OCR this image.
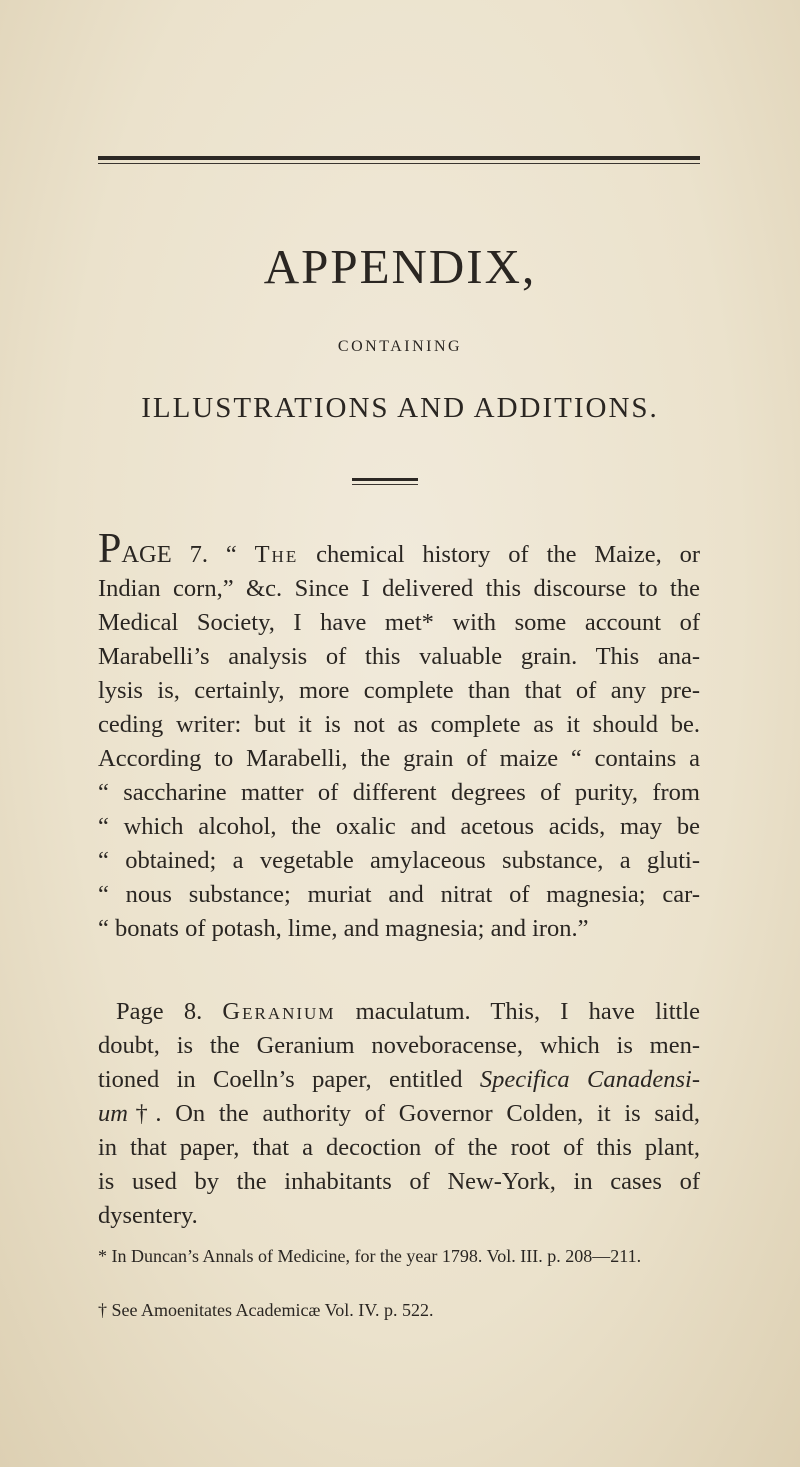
APPENDIX,
CONTAINING
ILLUSTRATIONS AND ADDITIONS.
PAGE 7. “ The chemical history of the Maize, or
Indian corn,” &c. Since I delivered this discourse to the
Medical Society, I have met* with some account of
Marabelli’s analysis of this valuable grain. This ana-
lysis is, certainly, more complete than that of any pre-
ceding writer: but it is not as complete as it should be.
According to Marabelli, the grain of maize “ contains a
“ saccharine matter of different degrees of purity, from
“ which alcohol, the oxalic and acetous acids, may be
“ obtained; a vegetable amylaceous substance, a gluti-
“ nous substance; muriat and nitrat of magnesia; car-
“ bonats of potash, lime, and magnesia; and iron.”
Page 8. Geranium maculatum. This, I have little
doubt, is the Geranium noveboracense, which is men-
tioned in Coelln’s paper, entitled Specifica Canadensi-
um†. On the authority of Governor Colden, it is said,
in that paper, that a decoction of the root of this plant,
is used by the inhabitants of New-York, in cases of
dysentery.
* In Duncan’s Annals of Medicine, for the year 1798. Vol. III. p. 208—211.
† See Amoenitates Academicæ Vol. IV. p. 522.
